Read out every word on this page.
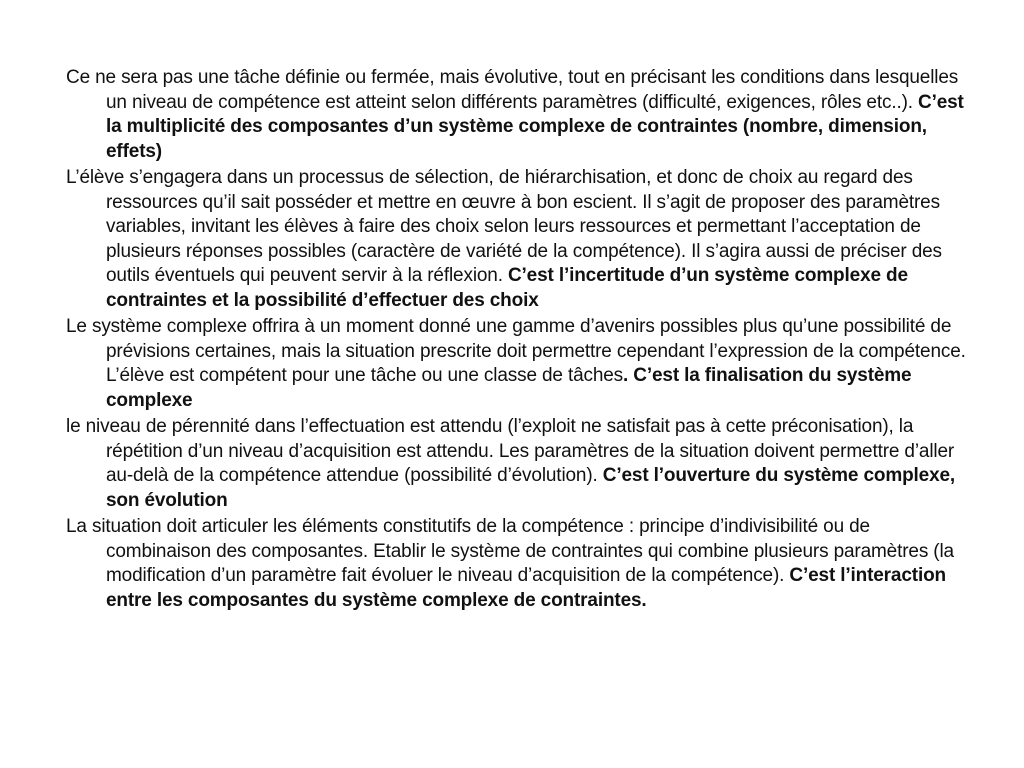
Ce ne sera pas une tâche définie ou fermée, mais évolutive, tout en précisant les conditions dans lesquelles un niveau de compétence est atteint selon différents paramètres (difficulté, exigences, rôles etc..). C’est la multiplicité des composantes d’un système complexe de contraintes (nombre, dimension, effets)

L’élève s’engagera dans un processus de sélection, de hiérarchisation, et donc de choix au regard des ressources qu’il sait posséder et mettre en œuvre à bon escient. Il s’agit de proposer des paramètres variables, invitant les élèves à faire des choix selon leurs ressources et permettant l’acceptation de plusieurs réponses possibles (caractère de variété de la compétence). Il s’agira aussi de préciser des outils éventuels qui peuvent servir à la réflexion. C’est l’incertitude d’un système complexe de contraintes et la possibilité d’effectuer des choix

Le système complexe offrira à un moment donné une gamme d’avenirs possibles plus qu’une possibilité de prévisions certaines, mais la situation prescrite doit permettre cependant l’expression de la compétence. L’élève est compétent pour une tâche ou une classe de tâches. C’est la finalisation du système complexe

le niveau de pérennité dans l’effectuation est attendu (l’exploit ne satisfait pas à cette préconisation), la répétition d’un niveau d’acquisition est attendu. Les paramètres de la situation doivent permettre d’aller au-delà de la compétence attendue (possibilité d’évolution). C’est l’ouverture du système complexe, son évolution

La situation doit articuler les éléments constitutifs de la compétence : principe d’indivisibilité ou de combinaison des composantes. Etablir le système de contraintes qui combine plusieurs paramètres (la modification d’un paramètre fait évoluer le niveau d’acquisition de la compétence). C’est l’interaction entre les composantes du système complexe de contraintes.
